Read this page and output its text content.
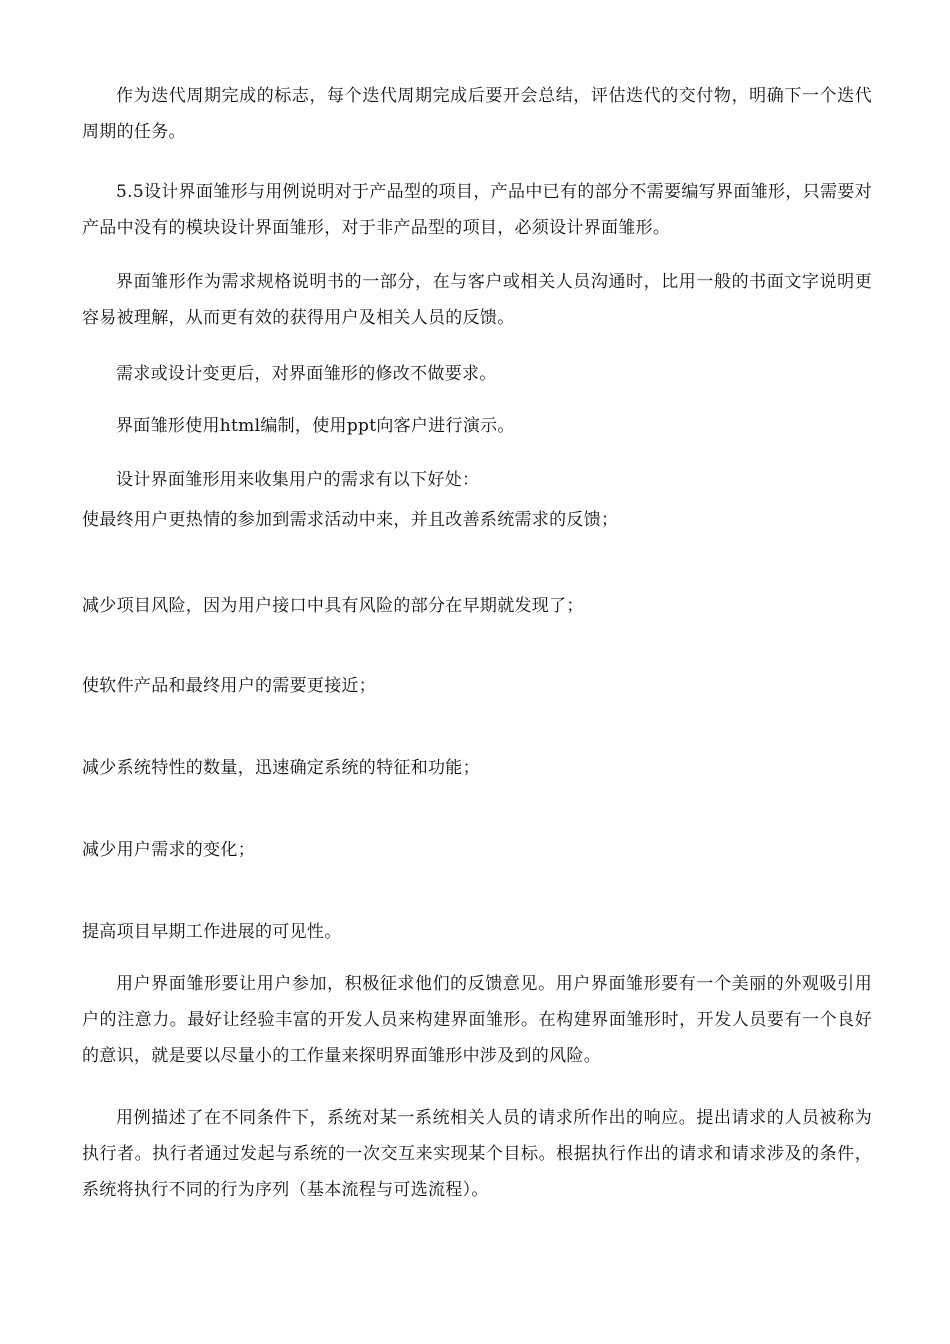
作为迭代周期完成的标志，每个迭代周期完成后要开会总结，评估迭代的交付物，明确下一个迭代周期的任务。

5.5设计界面雏形与用例说明对于产品型的项目，产品中已有的部分不需要编写界面雏形，只需要对产品中没有的模块设计界面雏形，对于非产品型的项目，必须设计界面雏形。

界面雏形作为需求规格说明书的一部分，在与客户或相关人员沟通时，比用一般的书面文字说明更容易被理解，从而更有效的获得用户及相关人员的反馈。

需求或设计变更后，对界面雏形的修改不做要求。

界面雏形使用html编制，使用ppt向客户进行演示。

设计界面雏形用来收集用户的需求有以下好处：

使最终用户更热情的参加到需求活动中来，并且改善系统需求的反馈；

减少项目风险，因为用户接口中具有风险的部分在早期就发现了；

使软件产品和最终用户的需要更接近；

减少系统特性的数量，迅速确定系统的特征和功能；

减少用户需求的变化；

提高项目早期工作进展的可见性。

用户界面雏形要让用户参加，积极征求他们的反馈意见。用户界面雏形要有一个美丽的外观吸引用户的注意力。最好让经验丰富的开发人员来构建界面雏形。在构建界面雏形时，开发人员要有一个良好的意识，就是要以尽量小的工作量来探明界面雏形中涉及到的风险。

用例描述了在不同条件下，系统对某一系统相关人员的请求所作出的响应。提出请求的人员被称为执行者。执行者通过发起与系统的一次交互来实现某个目标。根据执行作出的请求和请求涉及的条件，系统将执行不同的行为序列（基本流程与可选流程）。
